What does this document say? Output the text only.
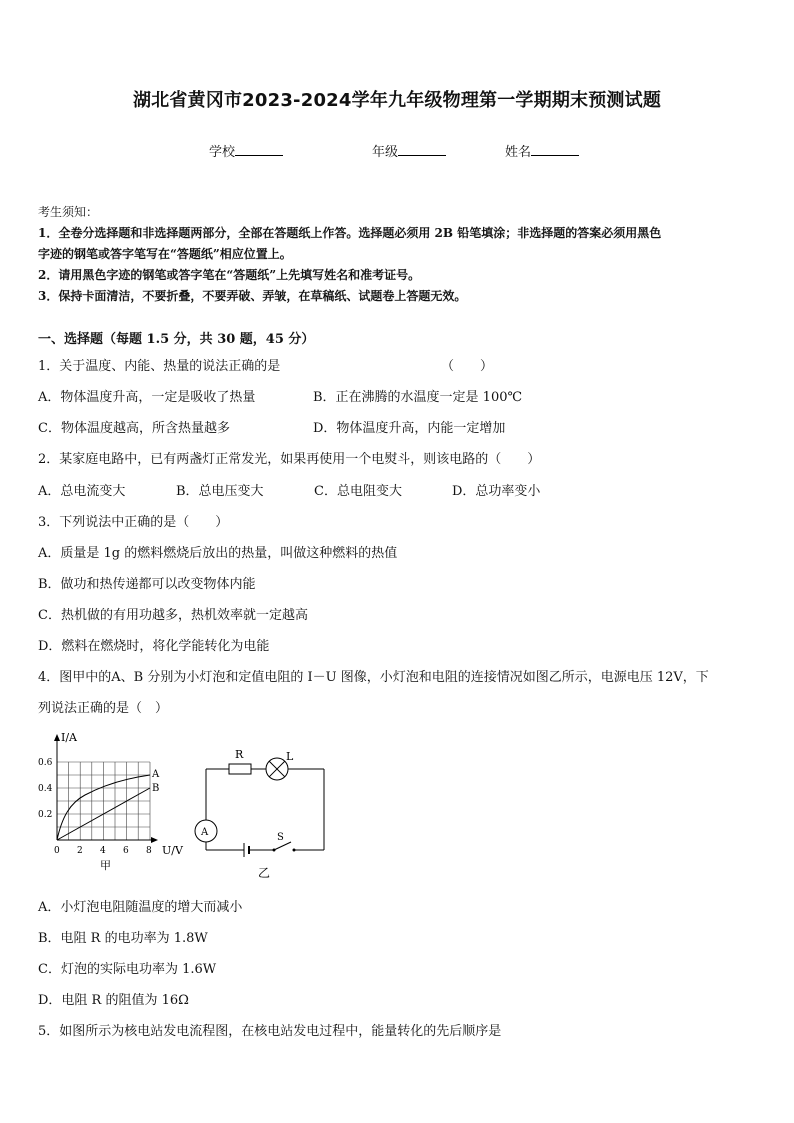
湖北省黄冈市2023-2024学年九年级物理第一学期期末预测试题
学校	年级	姓名
考生须知：
1．全卷分选择题和非选择题两部分，全部在答题纸上作答。选择题必须用 2B 铅笔填涂；非选择题的答案必须用黑色
字迹的钢笔或答字笔写在“答题纸”相应位置上。
2．请用黑色字迹的钢笔或答字笔在“答题纸”上先填写姓名和准考证号。
3．保持卡面清洁，不要折叠，不要弄破、弄皱，在草稿纸、试题卷上答题无效。
一、选择题（每题 1.5 分，共 30 题，45 分）
1．关于温度、内能、热量的说法正确的是	（　　）
A．物体温度升高，一定是吸收了热量	B．正在沸腾的水温度一定是 100℃
C．物体温度越高，所含热量越多	D．物体温度升高，内能一定增加
2．某家庭电路中，已有两盏灯正常发光，如果再使用一个电熨斗，则该电路的（　　）
A．总电流变大	B．总电压变大	C．总电阻变大	D．总功率变小
3．下列说法中正确的是（　　）
A．质量是 1g 的燃料燃烧后放出的热量，叫做这种燃料的热值
B．做功和热传递都可以改变物体内能
C．热机做的有用功越多，热机效率就一定越高
D．燃料在燃烧时，将化学能转化为电能
4．图甲中的A、B 分别为小灯泡和定值电阻的 I－U 图像，小灯泡和电阻的连接情况如图乙所示，电源电压 12V，下
列说法正确的是（　）
I/A
U/V
0.6
0.4
0.2
0 2 4 6 8
A
B
甲
R	L
A	S
乙
A．小灯泡电阻随温度的增大而减小
B．电阻 R 的电功率为 1.8W
C．灯泡的实际电功率为 1.6W
D．电阻 R 的阻值为 16Ω
5．如图所示为核电站发电流程图，在核电站发电过程中，能量转化的先后顺序是
